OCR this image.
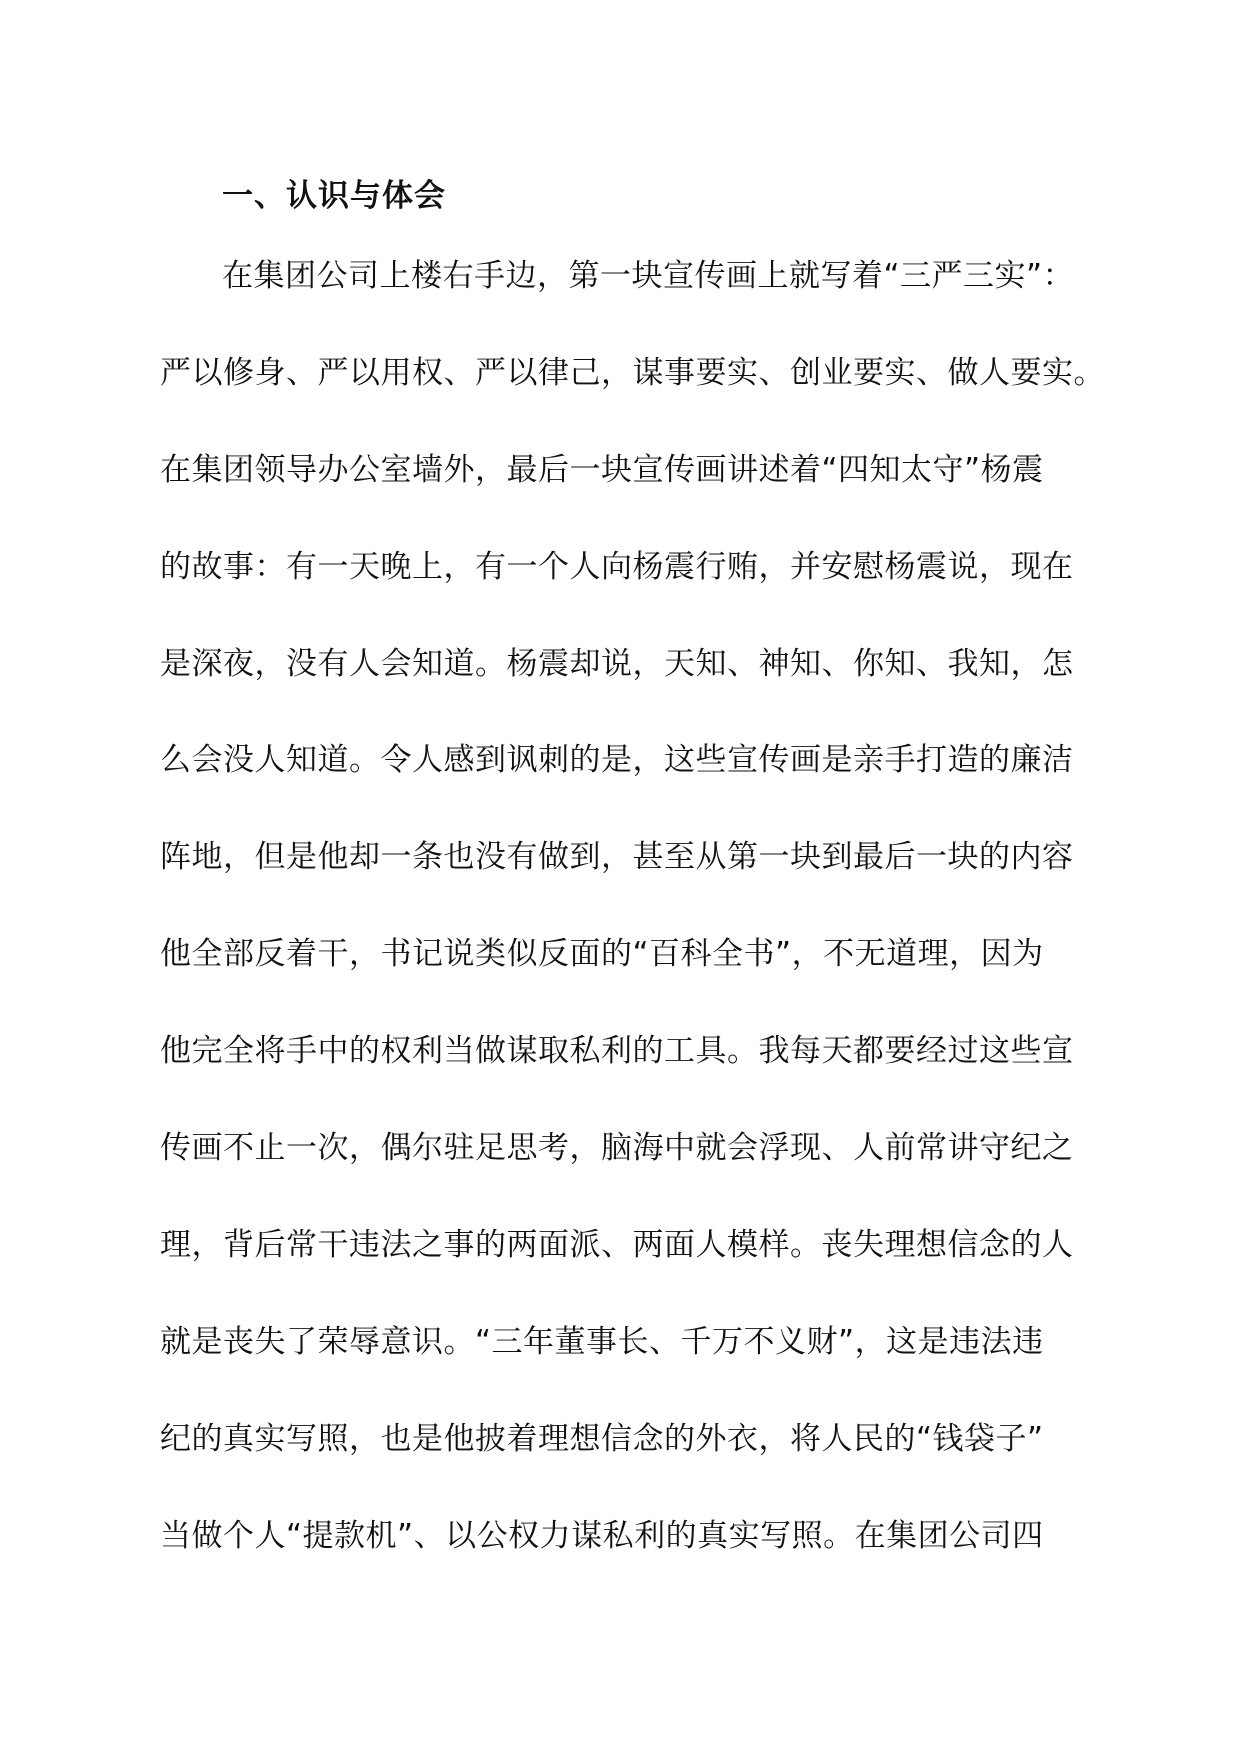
一、认识与体会
在集团公司上楼右手边，第一块宣传画上就写着“三严三实”：
严以修身、严以用权、严以律己，谋事要实、创业要实、做人要实。
在集团领导办公室墙外，最后一块宣传画讲述着“四知太守”杨震
的故事：有一天晚上，有一个人向杨震行贿，并安慰杨震说，现在
是深夜，没有人会知道。杨震却说，天知、神知、你知、我知，怎
么会没人知道。令人感到讽刺的是，这些宣传画是亲手打造的廉洁
阵地，但是他却一条也没有做到，甚至从第一块到最后一块的内容
他全部反着干，书记说类似反面的“百科全书”，不无道理，因为
他完全将手中的权利当做谋取私利的工具。我每天都要经过这些宣
传画不止一次，偶尔驻足思考，脑海中就会浮现、人前常讲守纪之
理，背后常干违法之事的两面派、两面人模样。丧失理想信念的人
就是丧失了荣辱意识。“三年董事长、千万不义财”，这是违法违
纪的真实写照，也是他披着理想信念的外衣，将人民的“钱袋子”
当做个人“提款机”、以公权力谋私利的真实写照。在集团公司四
